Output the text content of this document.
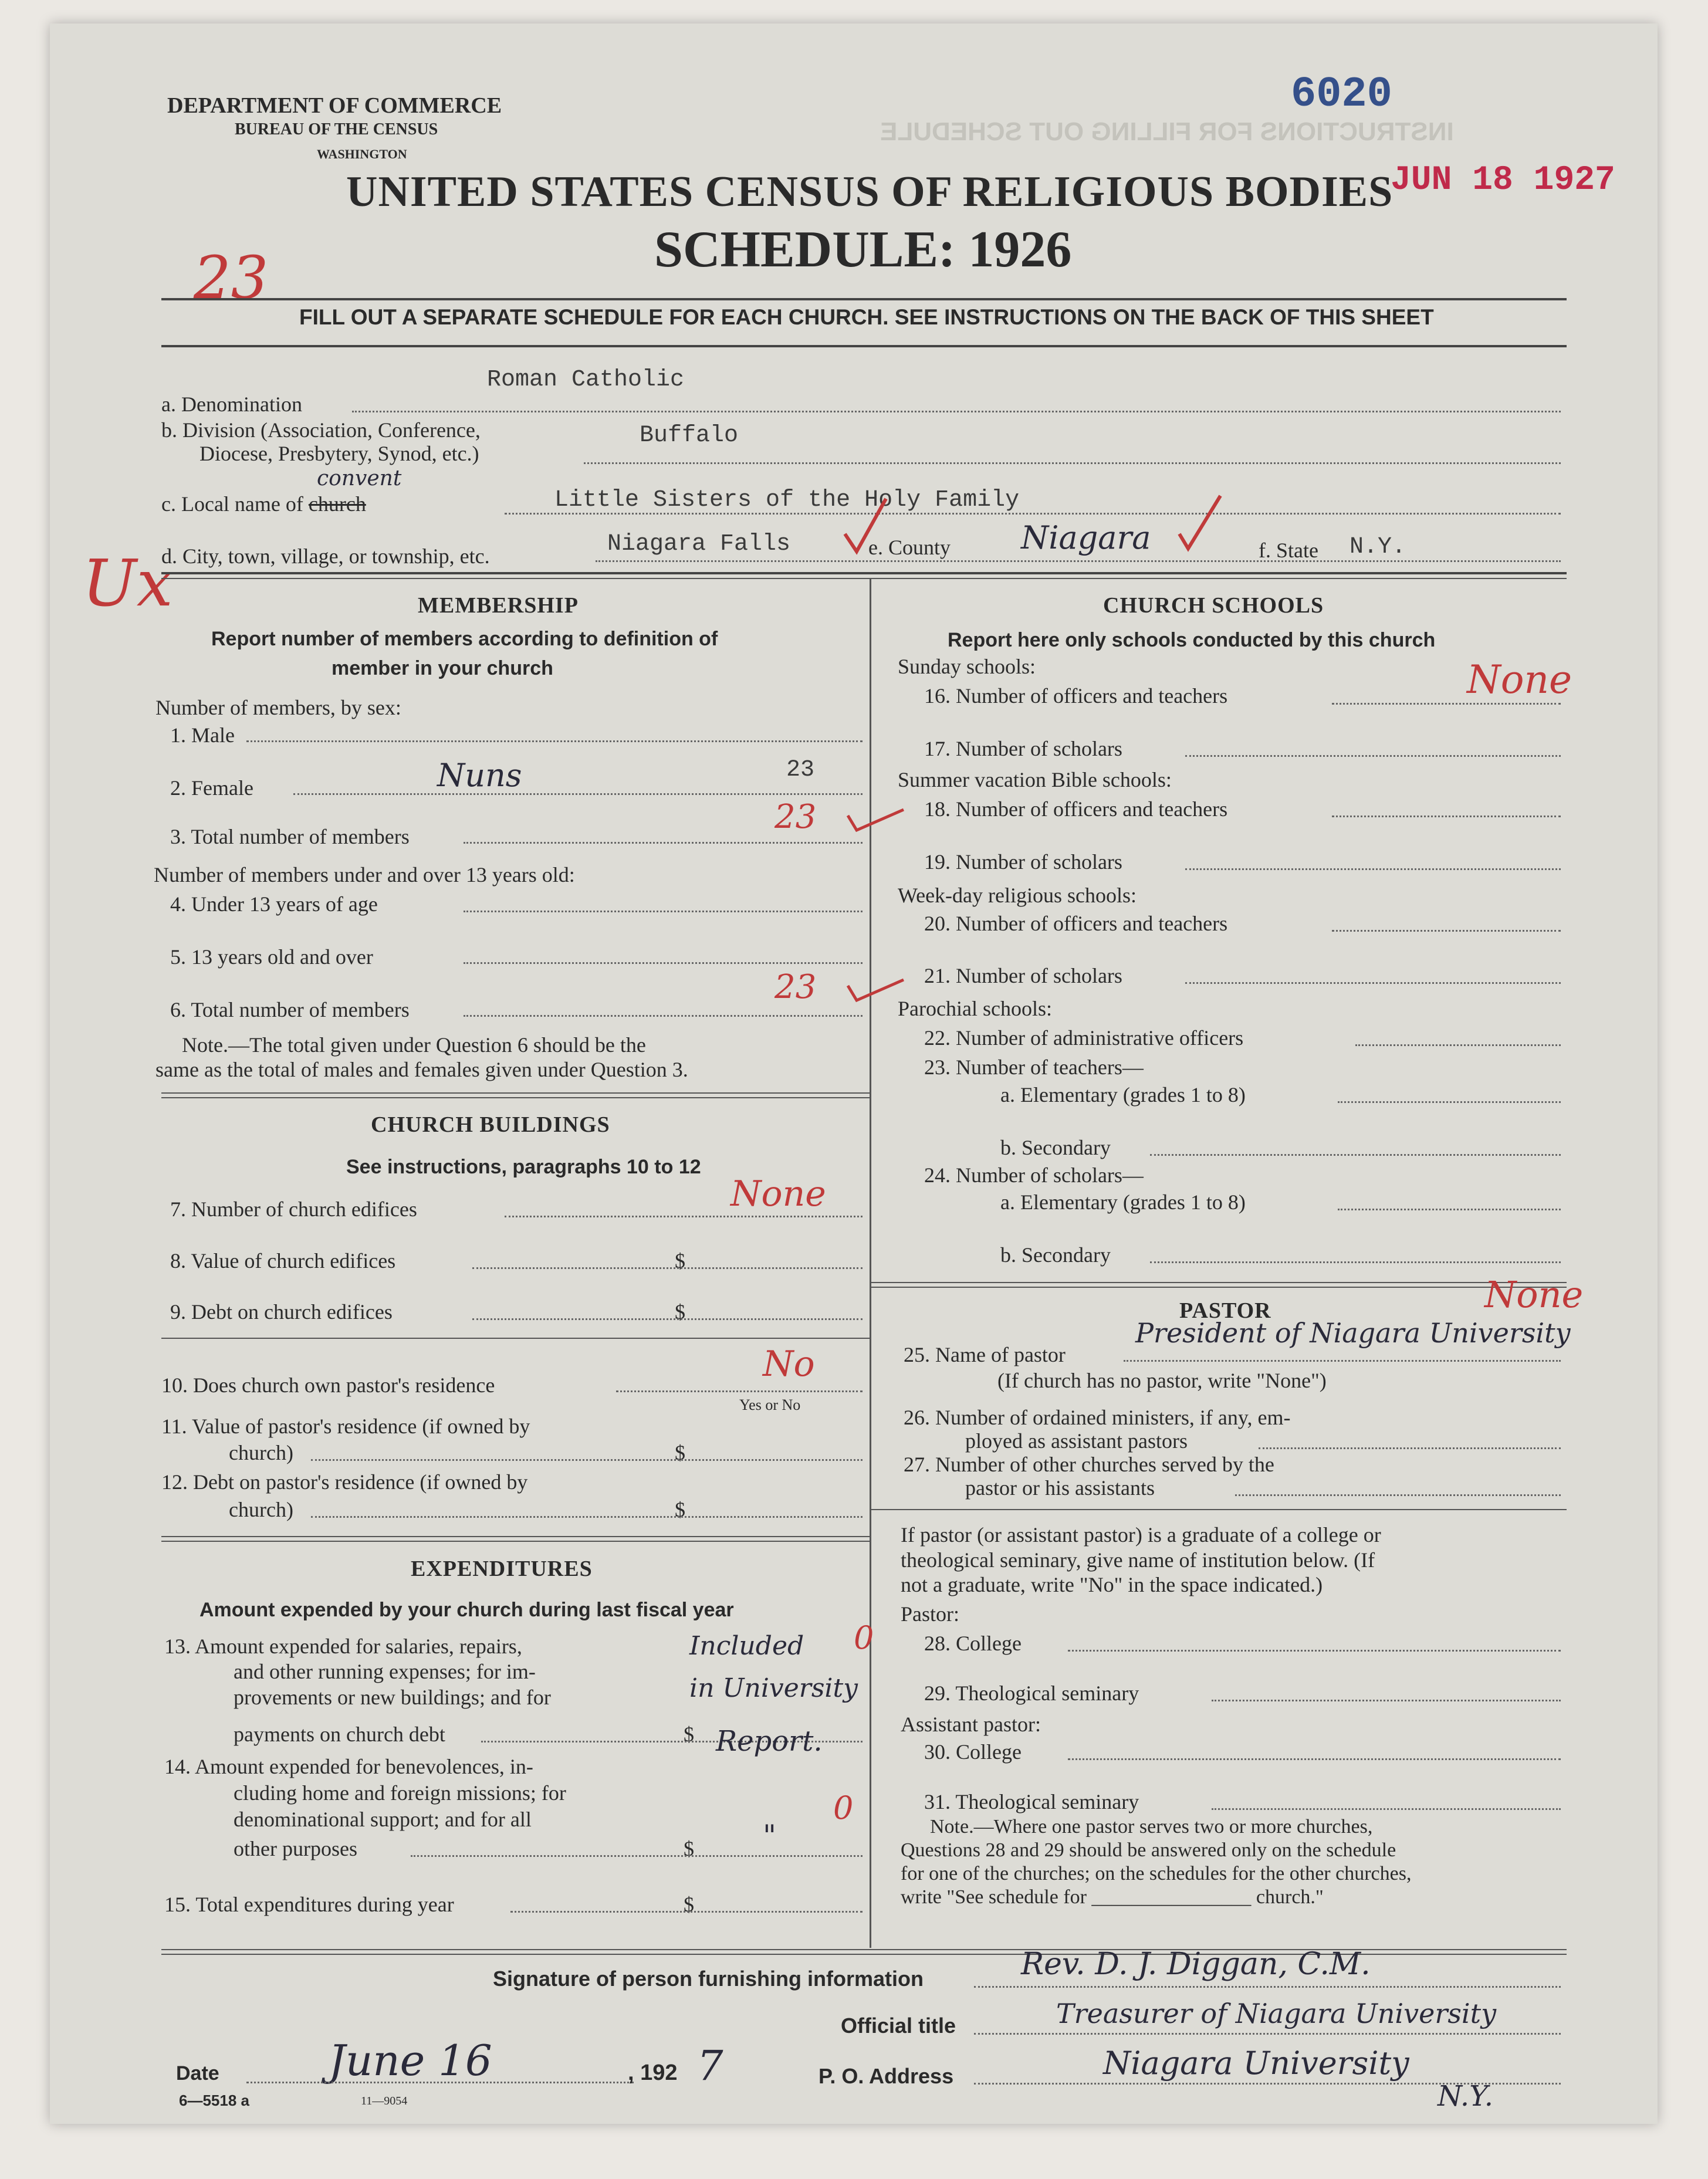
INSTRUCTIONS FOR FILLING OUT SCHEDULE
DEPARTMENT OF COMMERCE
BUREAU OF THE CENSUS
WASHINGTON
6020
UNITED STATES CENSUS OF RELIGIOUS BODIES
JUN 18 1927
SCHEDULE: 1926
23
FILL OUT A SEPARATE SCHEDULE FOR EACH CHURCH. SEE INSTRUCTIONS ON THE BACK OF THIS SHEET
Roman Catholic
a. Denomination
b. Division (Association, Conference,
Diocese, Presbytery, Synod, etc.)
Buffalo
c. Local name of church
convent
Little Sisters of the Holy Family
d. City, town, village, or township, etc.	Niagara Falls	e. County Niagara	f. State N.Y.
Ux	MEMBERSHIP
Report number of members according to definition of
member in your church
Number of members, by sex:
1. Male
2. Female	Nuns	23
3. Total number of members
23
Number of members under and over 13 years old:
4. Under 13 years of age
5. 13 years old and over
6. Total number of members
23
Note.—The total given under Question 6 should be the
same as the total of males and females given under Question 3.
CHURCH BUILDINGS
See instructions, paragraphs 10 to 12
7. Number of church edifices	None
8. Value of church edifices	$
9. Debt on church edifices	$
10. Does church own pastor's residence
No
Yes or No
11. Value of pastor's residence (if owned by
church)	$
12. Debt on pastor's residence (if owned by
church)	$
EXPENDITURES
Amount expended by your church during last fiscal year
13. Amount expended for salaries, repairs,
and other running expenses; for im-
provements or new buildings; and for
payments on church debt	$
Included
in University
Report.
0
14. Amount expended for benevolences, in-
cluding home and foreign missions; for
denominational support; and for all
other purposes	$ "
0
15. Total expenditures during year	$
CHURCH SCHOOLS
Report here only schools conducted by this church
Sunday schools:
16. Number of officers and teachers	None
17. Number of scholars
Summer vacation Bible schools:
18. Number of officers and teachers
19. Number of scholars
Week-day religious schools:
20. Number of officers and teachers
21. Number of scholars
Parochial schools:
22. Number of administrative officers
23. Number of teachers—
a. Elementary (grades 1 to 8)
b. Secondary
24. Number of scholars—
a. Elementary (grades 1 to 8)
b. Secondary
PASTOR	None
25. Name of pastor
President of Niagara University
(If church has no pastor, write "None")
26. Number of ordained ministers, if any, em-
ployed as assistant pastors
27. Number of other churches served by the
pastor or his assistants
If pastor (or assistant pastor) is a graduate of a college or
theological seminary, give name of institution below. (If
not a graduate, write "No" in the space indicated.)
Pastor:
28. College
29. Theological seminary
Assistant pastor:
30. College
31. Theological seminary
Note.—Where one pastor serves two or more churches,
Questions 28 and 29 should be answered only on the schedule
for one of the churches; on the schedules for the other churches,
write "See schedule for ________________ church."
Signature of person furnishing information	Rev. D. J. Diggan, C.M.
Official title	Treasurer of Niagara University
Date	June 16	, 192 7	P. O. Address	Niagara University
N.Y.
6—5518 a	11—9054
